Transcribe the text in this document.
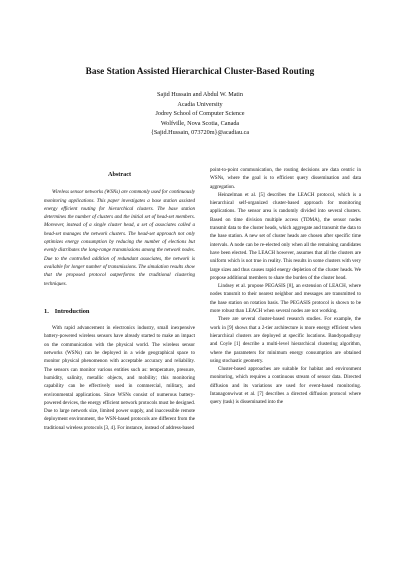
Base Station Assisted Hierarchical Cluster-Based Routing
Sajid Hussain and Abdul W. Matin
Acadia University
Jodrey School of Computer Science
Wolfville, Nova Scotia, Canada
{Sajid.Hussain, 073720m}@acadiau.ca
Abstract

Wireless sensor networks (WSNs) are commonly used for continuously monitoring applications. This paper investigates a base station assisted energy efficient routing for hierarchical clusters. The base station determines the number of clusters and the initial set of head-set members. Moreover, instead of a single cluster head, a set of associates called a head-set manages the network clusters. The head-set approach not only optimizes energy consumption by reducing the number of elections but evenly distributes the long-range transmissions among the network nodes. Due to the controlled addition of redundant associates, the network is available for longer number of transmissions. The simulation results show that the proposed protocol outperforms the traditional clustering techniques.

1. Introduction

With rapid advancement in electronics industry, small inexpensive battery-powered wireless sensors have already started to make an impact on the communication with the physical world. The wireless sensor networks (WSNs) can be deployed in a wide geographical space to monitor physical phenomenon with acceptable accuracy and reliability. The sensors can monitor various entities such as: temperature, pressure, humidity, salinity, metallic objects, and mobility; this monitoring capability can be effectively used in commercial, military, and environmental applications. Since WSNs consist of numerous battery-powered devices, the energy efficient network protocols must be designed. Due to large network size, limited power supply, and inaccessible remote deployment environment, the WSN-based protocols are different from the traditional wireless protocols [3, 4]. For instance, instead of address-based

point-to-point communication, the routing decisions are data centric in WSNs, where the goal is to efficient query dissemination and data aggregation.

Heinzelman et al. [5] describes the LEACH protocol, which is a hierarchical self-organized cluster-based approach for monitoring applications. The sensor area is randomly divided into several clusters. Based on time division multiple access (TDMA), the sensor nodes transmit data to the cluster heads, which aggregate and transmit the data to the base station. A new set of cluster heads are chosen after specific time intervals. A node can be re-elected only when all the remaining candidates have been elected. The LEACH however, assumes that all the clusters are uniform which is not true in reality. This results in some clusters with very large sizes and thus causes rapid energy depletion of the cluster heads. We propose additional members to share the burden of the cluster head.

Lindsey et al. propose PEGASIS [8], an extension of LEACH, where nodes transmit to their nearest neighbor and messages are transmitted to the base station on rotation basis. The PEGASIS protocol is shown to be more robust than LEACH when several nodes are not working.

There are several cluster-based research studies. For example, the work in [9] shows that a 2-tier architecture is more energy efficient when hierarchical clusters are deployed at specific locations. Bandyopadhyay and Coyle [1] describe a multi-level hierarchical clustering algorithm, where the parameters for minimum energy consumption are obtained using stochastic geometry.

Cluster-based approaches are suitable for habitat and environment monitoring, which requires a continuous stream of sensor data. Directed diffusion and its variations are used for event-based monitoring. Intanagonwiwat et al. [7] describes a directed diffusion protocol where query (task) is disseminated into the
